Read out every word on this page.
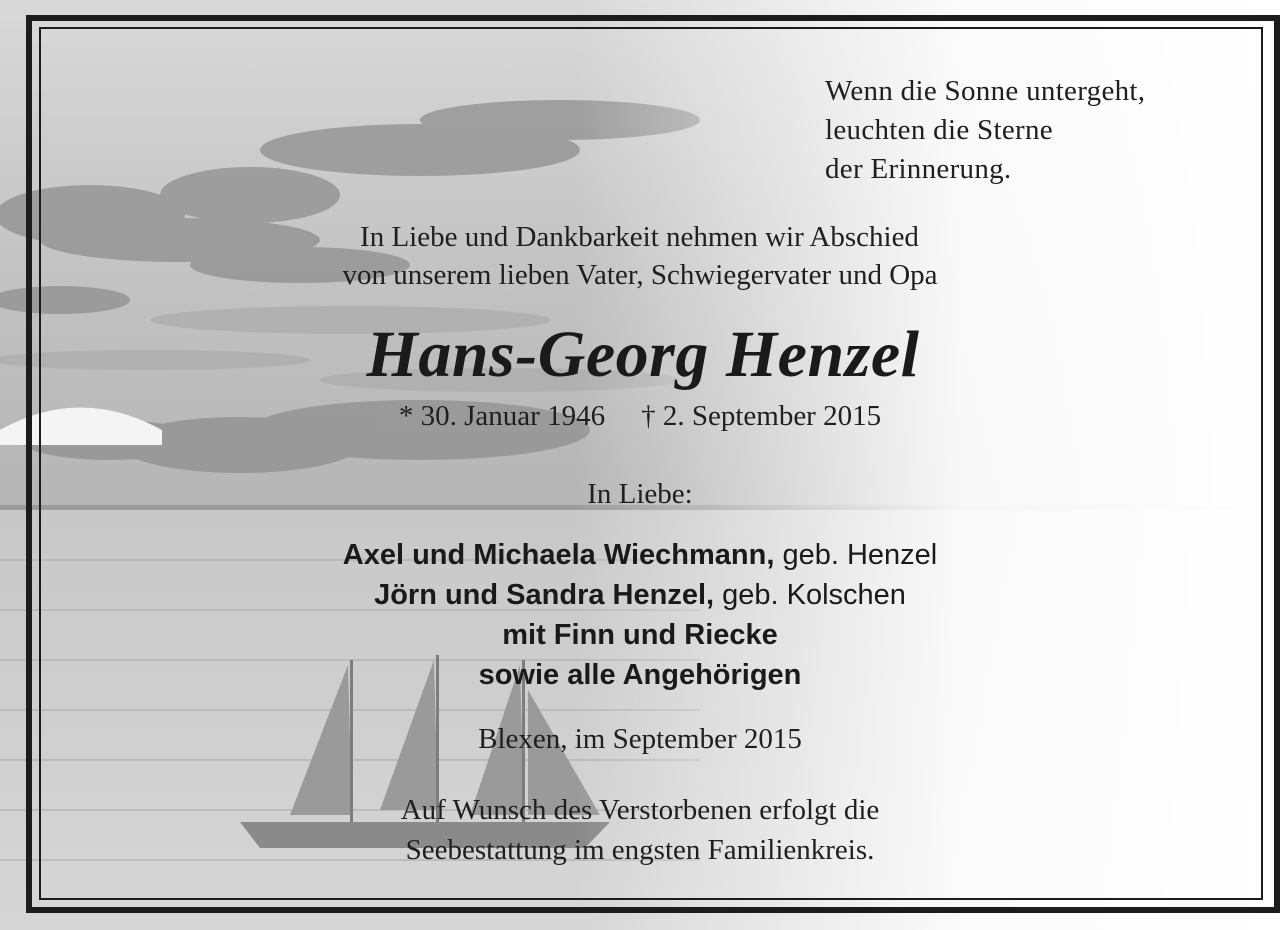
Wenn die Sonne untergeht,
leuchten die Sterne
der Erinnerung.
In Liebe und Dankbarkeit nehmen wir Abschied
von unserem lieben Vater, Schwiegervater und Opa
Hans-Georg Henzel
* 30. Januar 1946 † 2. September 2015
In Liebe:
Axel und Michaela Wiechmann, geb. Henzel
Jörn und Sandra Henzel, geb. Kolschen
mit Finn und Riecke
sowie alle Angehörigen
Blexen, im September 2015
Auf Wunsch des Verstorbenen erfolgt die
Seebestattung im engsten Familienkreis.
